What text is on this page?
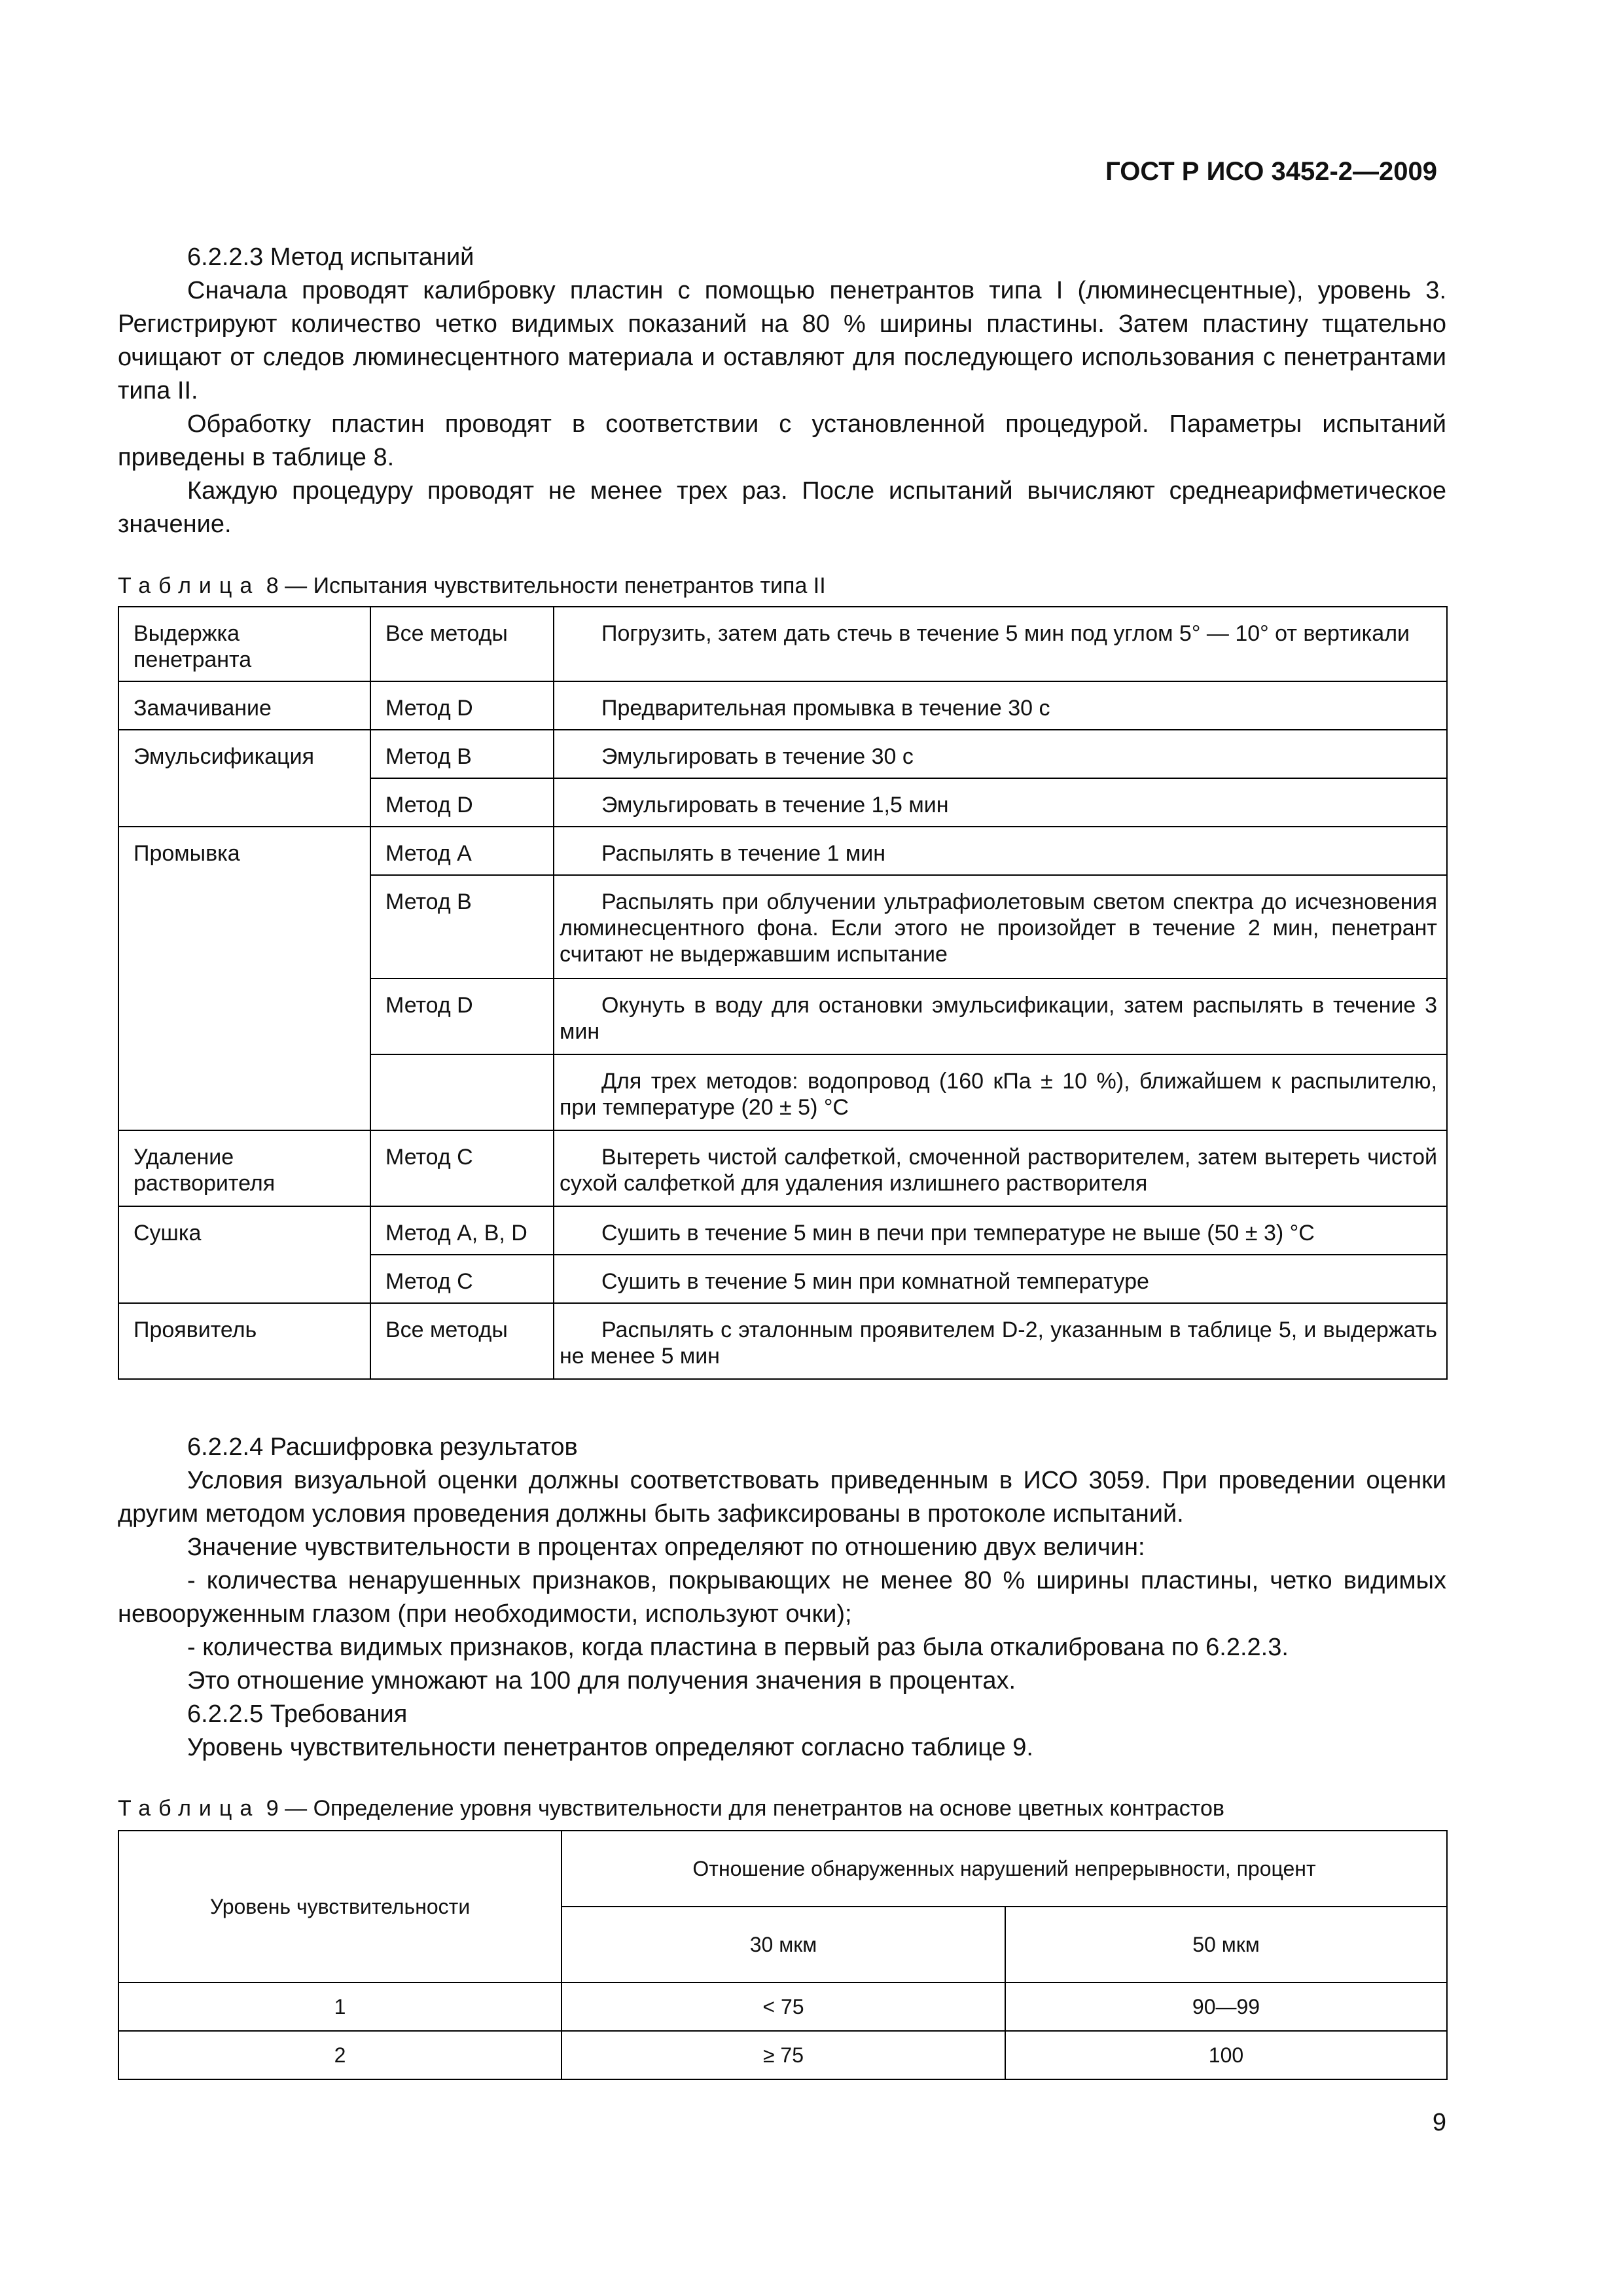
ГОСТ Р ИСО 3452-2—2009

6.2.2.3 Метод испытаний

Сначала проводят калибровку пластин с помощью пенетрантов типа I (люминесцентные), уровень 3. Регистрируют количество четко видимых показаний на 80 % ширины пластины. Затем пластину тщательно очищают от следов люминесцентного материала и оставляют для последующего использования с пенетрантами типа II.

Обработку пластин проводят в соответствии с установленной процедурой. Параметры испытаний приведены в таблице 8.

Каждую процедуру проводят не менее трех раз. После испытаний вычисляют среднеарифметическое значение.

Таблица 8 — Испытания чувствительности пенетрантов типа II
Выдержка пенетранта	Все методы	Погрузить, затем дать стечь в течение 5 мин под углом 5° — 10° от вертикали
Замачивание	Метод D	Предварительная промывка в течение 30 с
Эмульсификация	Метод В	Эмульгировать в течение 30 с
	Метод D	Эмульгировать в течение 1,5 мин
Промывка	Метод А	Распылять в течение 1 мин
	Метод В	Распылять при облучении ультрафиолетовым светом спектра до исчезновения люминесцентного фона. Если этого не произойдет в течение 2 мин, пенетрант считают не выдержавшим испытание
	Метод D	Окунуть в воду для остановки эмульсификации, затем распылять в течение 3 мин
		Для трех методов: водопровод (160 кПа ± 10 %), ближайшем к распылителю, при температуре (20 ± 5) °С
Удаление растворителя	Метод С	Вытереть чистой салфеткой, смоченной растворителем, затем вытереть чистой сухой салфеткой для удаления излишнего растворителя
Сушка	Метод А, В, D	Сушить в течение 5 мин в печи при температуре не выше (50 ± 3) °С
	Метод С	Сушить в течение 5 мин при комнатной температуре
Проявитель	Все методы	Распылять с эталонным проявителем D-2, указанным в таблице 5, и выдержать не менее 5 мин

6.2.2.4 Расшифровка результатов

Условия визуальной оценки должны соответствовать приведенным в ИСО 3059. При проведении оценки другим методом условия проведения должны быть зафиксированы в протоколе испытаний.

Значение чувствительности в процентах определяют по отношению двух величин:

- количества ненарушенных признаков, покрывающих не менее 80 % ширины пластины, четко видимых невооруженным глазом (при необходимости, используют очки);

- количества видимых признаков, когда пластина в первый раз была откалибрована по 6.2.2.3.

Это отношение умножают на 100 для получения значения в процентах.

6.2.2.5 Требования

Уровень чувствительности пенетрантов определяют согласно таблице 9.

Таблица 9 — Определение уровня чувствительности для пенетрантов на основе цветных контрастов
Уровень чувствительности	Отношение обнаруженных нарушений непрерывности, процент	
	30 мкм	50 мкм
1	< 75	90—99
2	≥ 75	100
9
